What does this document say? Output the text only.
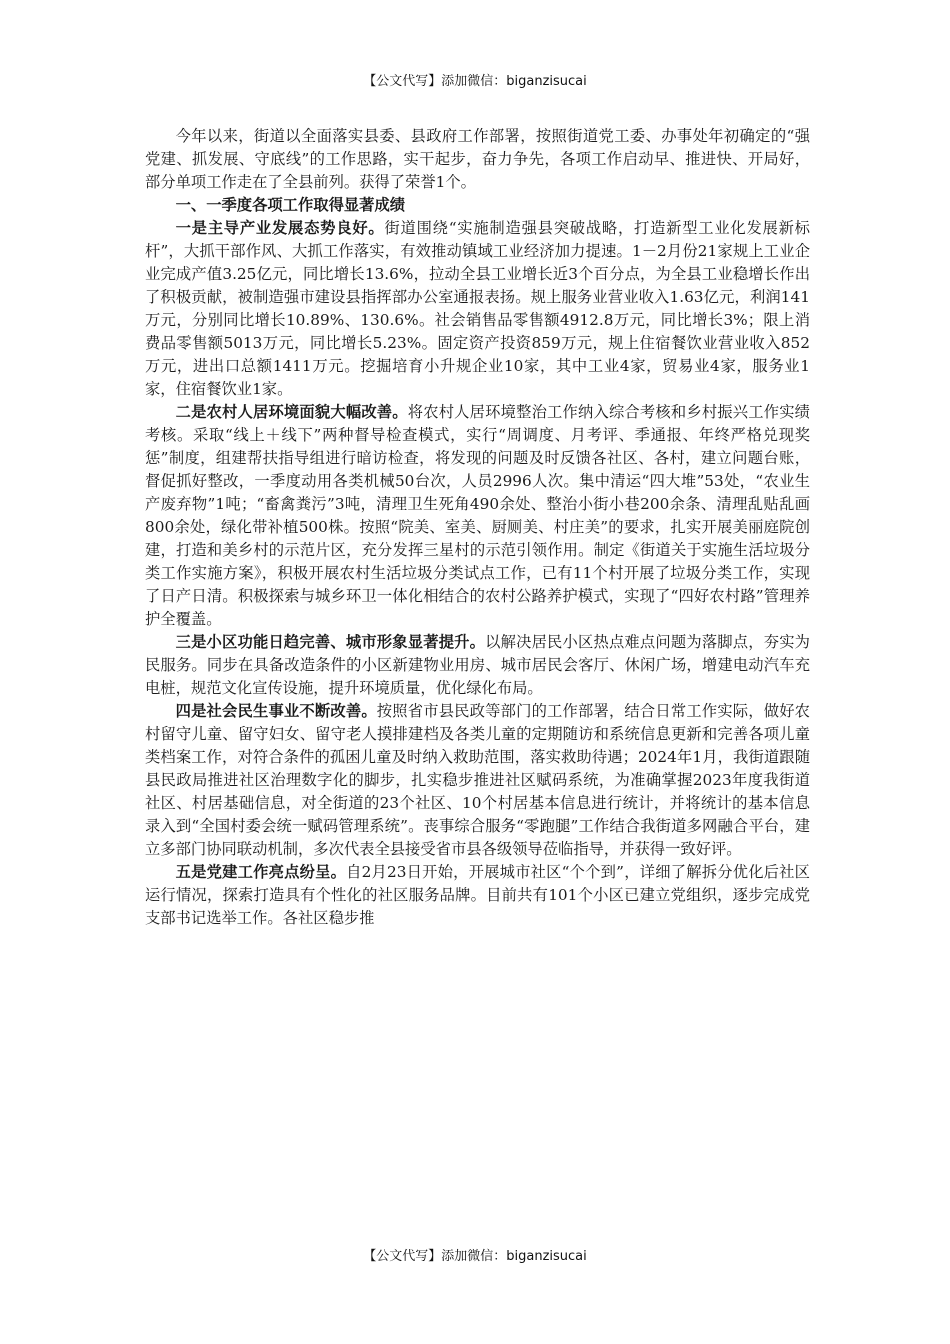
【公文代写】添加微信：biganzisucai

今年以来，街道以全面落实县委、县政府工作部署，按照街道党工委、办事处年初确定的“强党建、抓发展、守底线”的工作思路，实干起步，奋力争先，各项工作启动早、推进快、开局好，部分单项工作走在了全县前列。获得了荣誉1个。

一、一季度各项工作取得显著成绩

一是主导产业发展态势良好。街道围绕“实施制造强县突破战略，打造新型工业化发展新标杆”，大抓干部作风、大抓工作落实，有效推动镇域工业经济加力提速。1－2月份21家规上工业企业完成产值3.25亿元，同比增长13.6%，拉动全县工业增长近3个百分点，为全县工业稳增长作出了积极贡献，被制造强市建设县指挥部办公室通报表扬。规上服务业营业收入1.63亿元，利润141万元，分别同比增长10.89%、130.6%。社会销售品零售额4912.8万元，同比增长3%；限上消费品零售额5013万元，同比增长5.23%。固定资产投资859万元，规上住宿餐饮业营业收入852万元，进出口总额1411万元。挖掘培育小升规企业10家，其中工业4家，贸易业4家，服务业1家，住宿餐饮业1家。

二是农村人居环境面貌大幅改善。将农村人居环境整治工作纳入综合考核和乡村振兴工作实绩考核。采取“线上＋线下”两种督导检查模式，实行“周调度、月考评、季通报、年终严格兑现奖惩”制度，组建帮扶指导组进行暗访检查，将发现的问题及时反馈各社区、各村，建立问题台账，督促抓好整改，一季度动用各类机械50台次，人员2996人次。集中清运“四大堆”53处，“农业生产废弃物”1吨；“畜禽粪污”3吨，清理卫生死角490余处、整治小街小巷200余条、清理乱贴乱画800余处，绿化带补植500株。按照“院美、室美、厨厕美、村庄美”的要求，扎实开展美丽庭院创建，打造和美乡村的示范片区，充分发挥三星村的示范引领作用。制定《街道关于实施生活垃圾分类工作实施方案》，积极开展农村生活垃圾分类试点工作，已有11个村开展了垃圾分类工作，实现了日产日清。积极探索与城乡环卫一体化相结合的农村公路养护模式，实现了“四好农村路”管理养护全覆盖。

三是小区功能日趋完善、城市形象显著提升。以解决居民小区热点难点问题为落脚点，夯实为民服务。同步在具备改造条件的小区新建物业用房、城市居民会客厅、休闲广场，增建电动汽车充电桩，规范文化宣传设施，提升环境质量，优化绿化布局。

四是社会民生事业不断改善。按照省市县民政等部门的工作部署，结合日常工作实际，做好农村留守儿童、留守妇女、留守老人摸排建档及各类儿童的定期随访和系统信息更新和完善各项儿童类档案工作，对符合条件的孤困儿童及时纳入救助范围，落实救助待遇；2024年1月，我街道跟随县民政局推进社区治理数字化的脚步，扎实稳步推进社区赋码系统，为准确掌握2023年度我街道社区、村居基础信息，对全街道的23个社区、10个村居基本信息进行统计，并将统计的基本信息录入到“全国村委会统一赋码管理系统”。丧事综合服务“零跑腿”工作结合我街道多网融合平台，建立多部门协同联动机制，多次代表全县接受省市县各级领导莅临指导，并获得一致好评。

五是党建工作亮点纷呈。自2月23日开始，开展城市社区“个个到”，详细了解拆分优化后社区运行情况，探索打造具有个性化的社区服务品牌。目前共有101个小区已建立党组织，逐步完成党支部书记选举工作。各社区稳步推

【公文代写】添加微信：biganzisucai
